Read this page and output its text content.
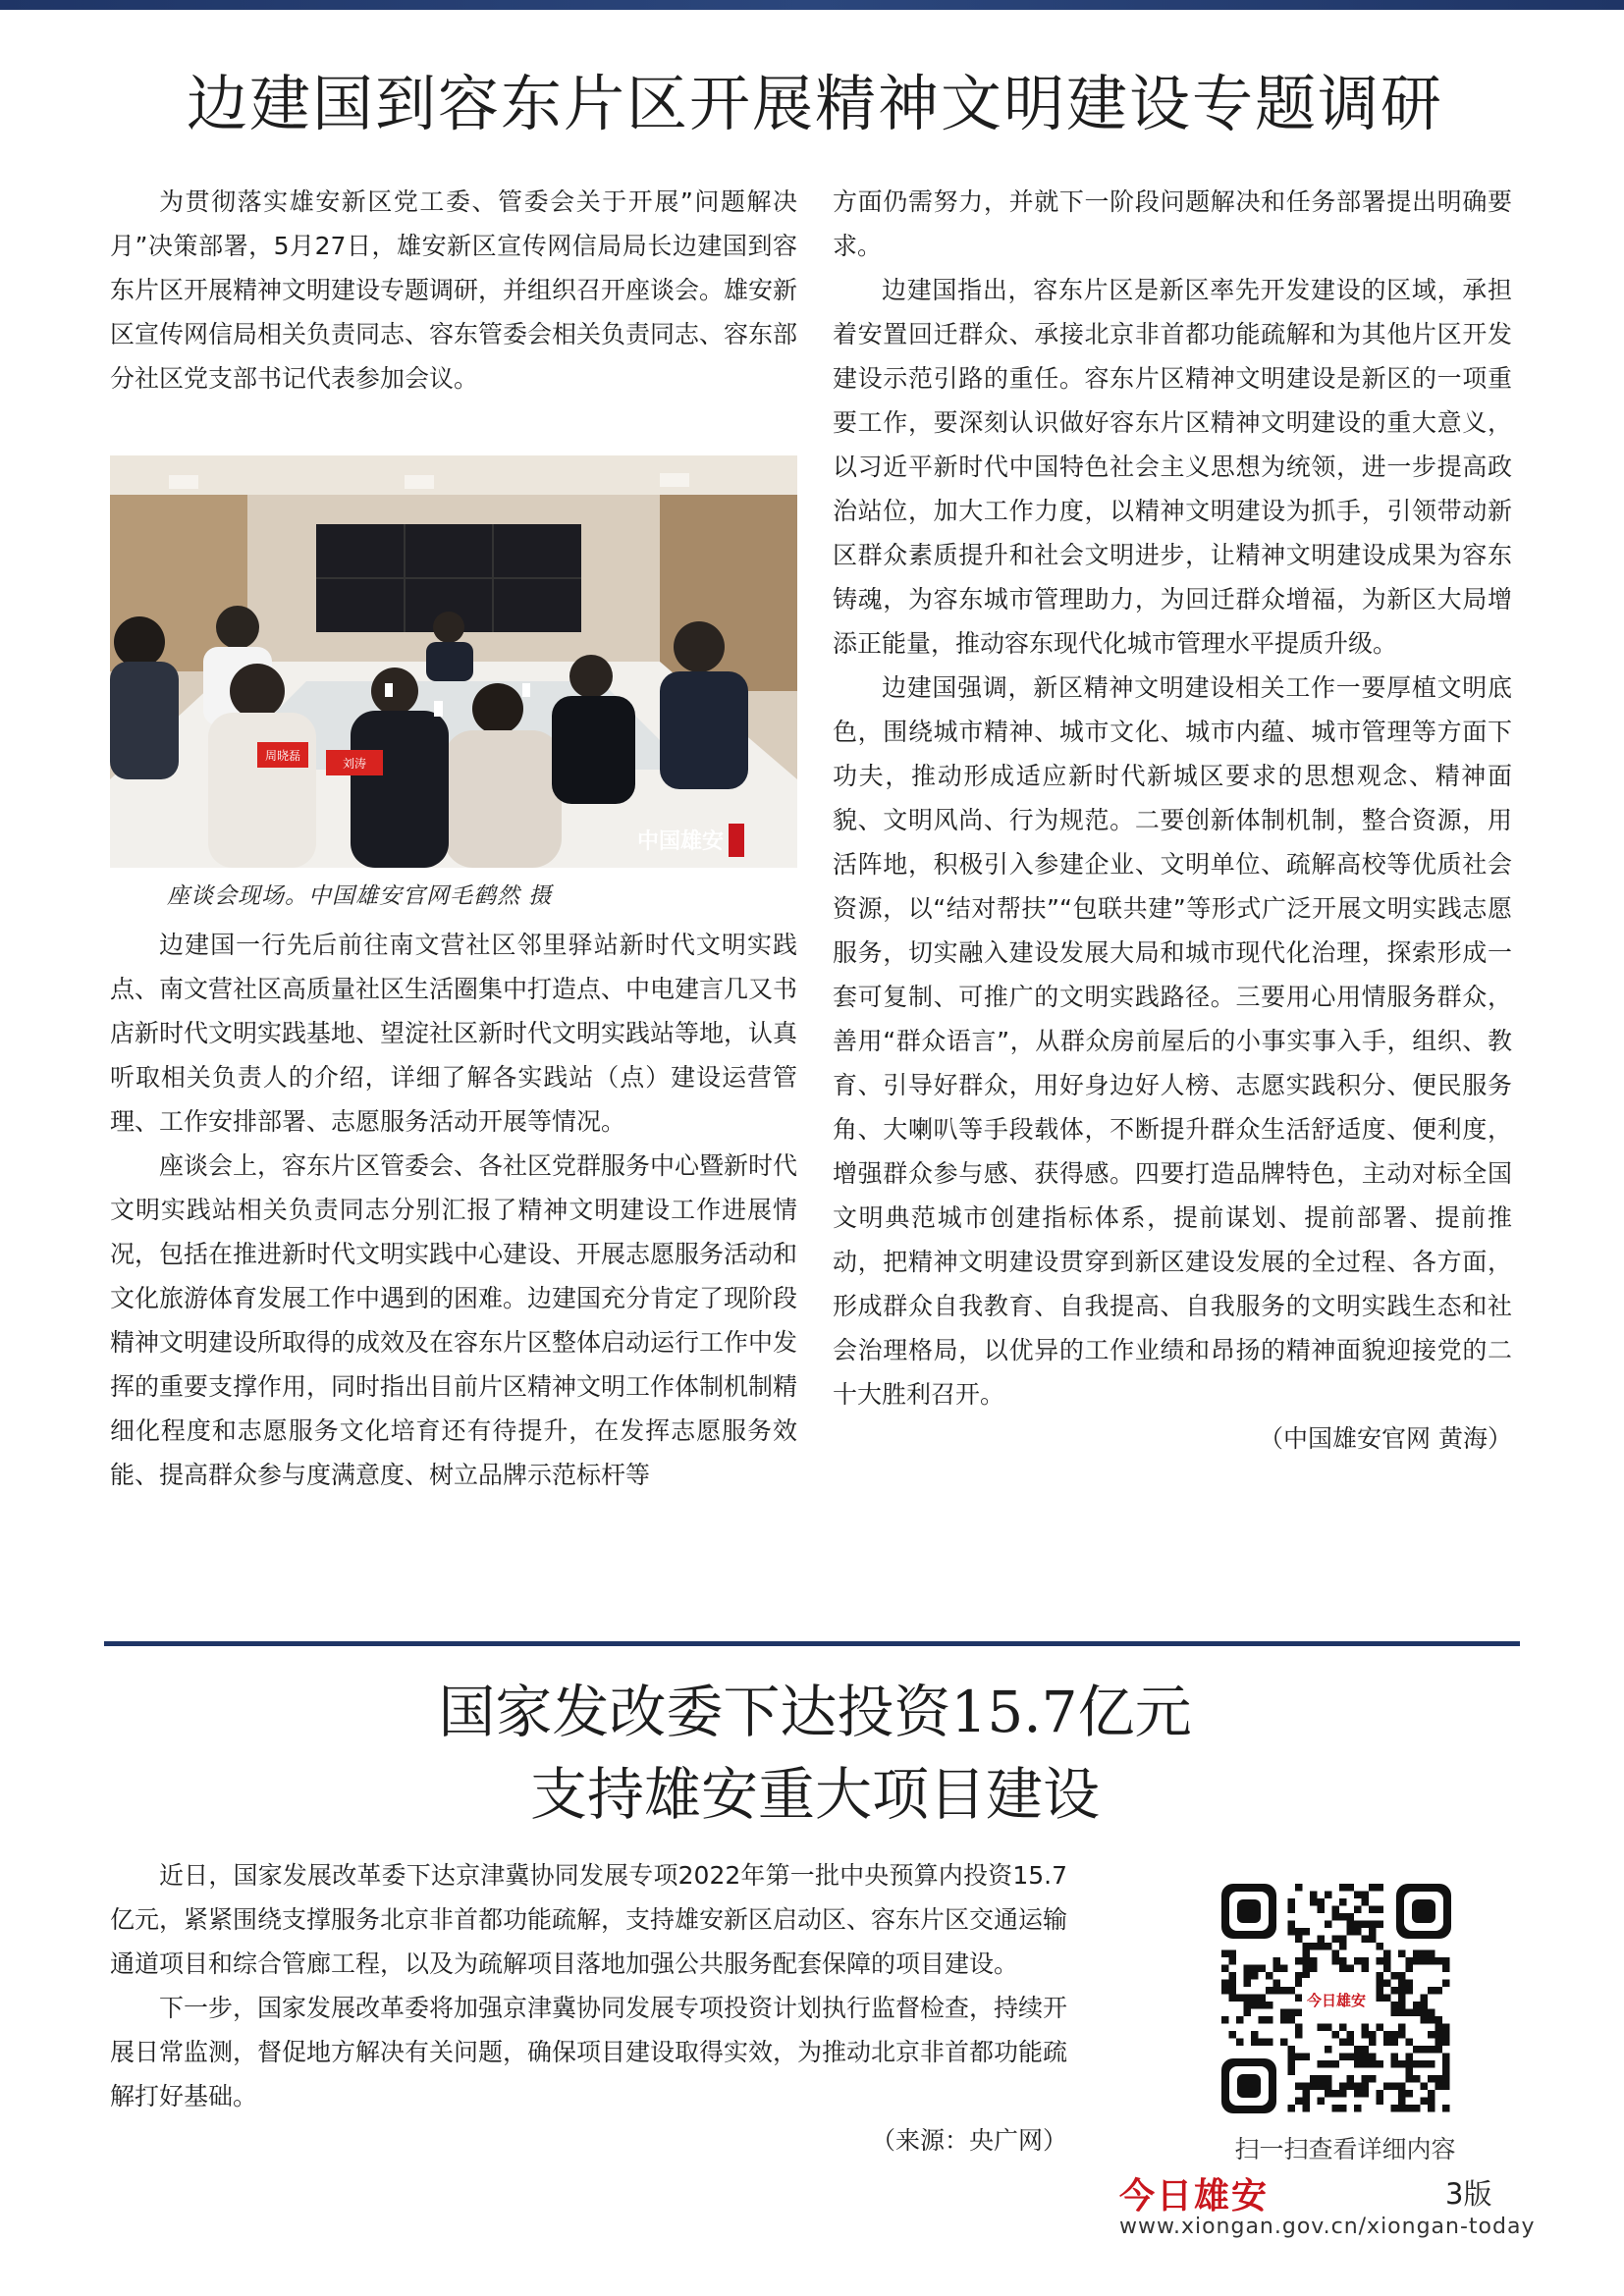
边建国到容东片区开展精神文明建设专题调研

为贯彻落实雄安新区党工委、管委会关于开展”问题解决月”决策部署，5月27日，雄安新区宣传网信局局长边建国到容东片区开展精神文明建设专题调研，并组织召开座谈会。雄安新区宣传网信局相关负责同志、容东管委会相关负责同志、容东部分社区党支部书记代表参加会议。

周晓磊
刘涛
中国雄安
座谈会现场。中国雄安官网毛鹤然 摄

边建国一行先后前往南文营社区邻里驿站新时代文明实践点、南文营社区高质量社区生活圈集中打造点、中电建言几又书店新时代文明实践基地、望淀社区新时代文明实践站等地，认真听取相关负责人的介绍，详细了解各实践站（点）建设运营管理、工作安排部署、志愿服务活动开展等情况。

座谈会上，容东片区管委会、各社区党群服务中心暨新时代文明实践站相关负责同志分别汇报了精神文明建设工作进展情况，包括在推进新时代文明实践中心建设、开展志愿服务活动和文化旅游体育发展工作中遇到的困难。边建国充分肯定了现阶段精神文明建设所取得的成效及在容东片区整体启动运行工作中发挥的重要支撑作用，同时指出目前片区精神文明工作体制机制精细化程度和志愿服务文化培育还有待提升，在发挥志愿服务效能、提高群众参与度满意度、树立品牌示范标杆等

方面仍需努力，并就下一阶段问题解决和任务部署提出明确要求。

边建国指出，容东片区是新区率先开发建设的区域，承担着安置回迁群众、承接北京非首都功能疏解和为其他片区开发建设示范引路的重任。容东片区精神文明建设是新区的一项重要工作，要深刻认识做好容东片区精神文明建设的重大意义，以习近平新时代中国特色社会主义思想为统领，进一步提高政治站位，加大工作力度，以精神文明建设为抓手，引领带动新区群众素质提升和社会文明进步，让精神文明建设成果为容东铸魂，为容东城市管理助力，为回迁群众增福，为新区大局增添正能量，推动容东现代化城市管理水平提质升级。

边建国强调，新区精神文明建设相关工作一要厚植文明底色，围绕城市精神、城市文化、城市内蕴、城市管理等方面下功夫，推动形成适应新时代新城区要求的思想观念、精神面貌、文明风尚、行为规范。二要创新体制机制，整合资源，用活阵地，积极引入参建企业、文明单位、疏解高校等优质社会资源，以“结对帮扶”“包联共建”等形式广泛开展文明实践志愿服务，切实融入建设发展大局和城市现代化治理，探索形成一套可复制、可推广的文明实践路径。三要用心用情服务群众，善用“群众语言”，从群众房前屋后的小事实事入手，组织、教育、引导好群众，用好身边好人榜、志愿实践积分、便民服务角、大喇叭等手段载体，不断提升群众生活舒适度、便利度，增强群众参与感、获得感。四要打造品牌特色，主动对标全国文明典范城市创建指标体系，提前谋划、提前部署、提前推动，把精神文明建设贯穿到新区建设发展的全过程、各方面，形成群众自我教育、自我提高、自我服务的文明实践生态和社会治理格局，以优异的工作业绩和昂扬的精神面貌迎接党的二十大胜利召开。

（中国雄安官网 黄海）

国家发改委下达投资15.7亿元
支持雄安重大项目建设

近日，国家发展改革委下达京津冀协同发展专项2022年第一批中央预算内投资15.7亿元，紧紧围绕支撑服务北京非首都功能疏解，支持雄安新区启动区、容东片区交通运输通道项目和综合管廊工程，以及为疏解项目落地加强公共服务配套保障的项目建设。

下一步，国家发展改革委将加强京津冀协同发展专项投资计划执行监督检查，持续开展日常监测，督促地方解决有关问题，确保项目建设取得实效，为推动北京非首都功能疏解打好基础。

（来源：央广网）

今日雄安
扫一扫查看详细内容
今日雄安	3版
www.xiongan.gov.cn/xiongan-today
